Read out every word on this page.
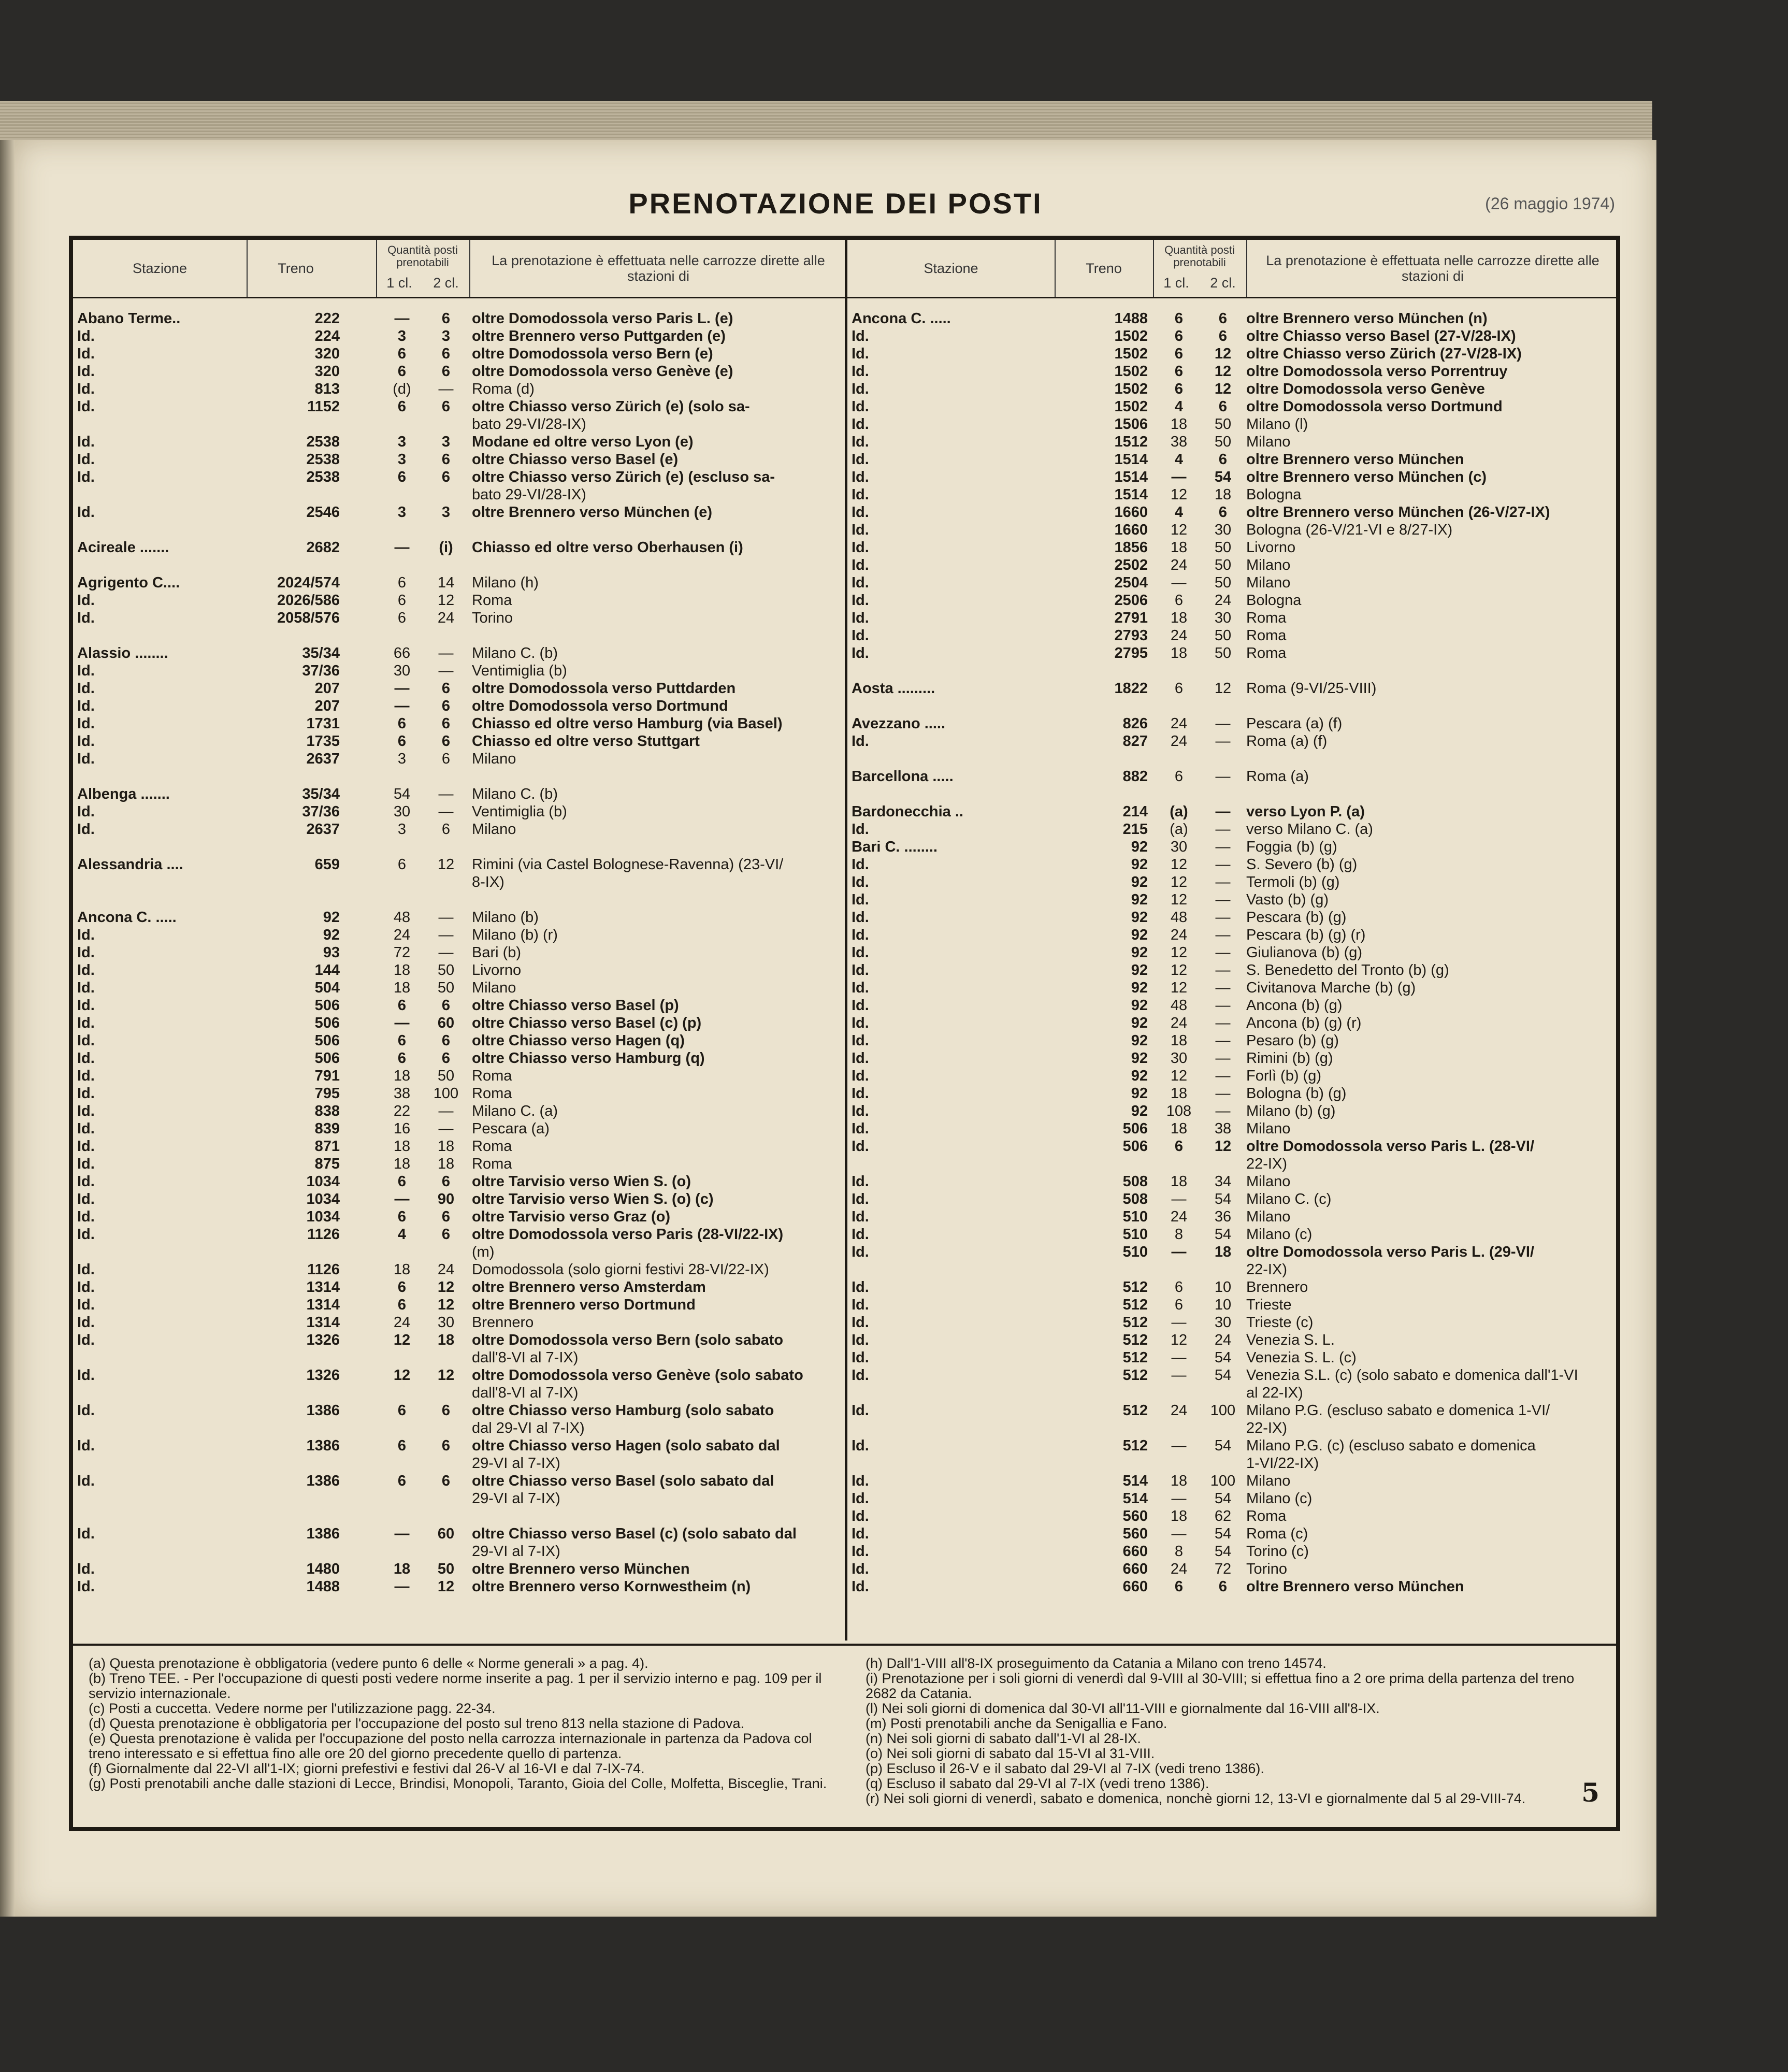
PRENOTAZIONE DEI POSTI	(26 maggio 1974)
Stazione	Treno
Quantità posti prenotabili
1 cl.	2 cl.
La prenotazione è effettuata nelle carrozze dirette alle stazioni di
Abano Terme..	222	—	6	oltre Domodossola verso Paris L. (e)
Id.	224	3	3	oltre Brennero verso Puttgarden (e)
Id.	320	6	6	oltre Domodossola verso Bern (e)
Id.	320	6	6	oltre Domodossola verso Genève (e)
Id.	813	(d)	—	Roma (d)
Id.	1152	6	6	oltre Chiasso verso Zürich (e) (solo sa-
bato 29-VI/28-IX)
Id.	2538	3	3	Modane ed oltre verso Lyon (e)
Id.	2538	3	6	oltre Chiasso verso Basel (e)
Id.	2538	6	6	oltre Chiasso verso Zürich (e) (escluso sa-
bato 29-VI/28-IX)
Id.	2546	3	3	oltre Brennero verso München (e)
Acireale .......	2682	—	(i)	Chiasso ed oltre verso Oberhausen (i)
Agrigento C....	2024/574	6	14	Milano (h)
Id.	2026/586	6	12	Roma
Id.	2058/576	6	24	Torino
Alassio ........	35/34	66	—	Milano C. (b)
Id.	37/36	30	—	Ventimiglia (b)
Id.	207	—	6	oltre Domodossola verso Puttdarden
Id.	207	—	6	oltre Domodossola verso Dortmund
Id.	1731	6	6	Chiasso ed oltre verso Hamburg (via Basel)
Id.	1735	6	6	Chiasso ed oltre verso Stuttgart
Id.	2637	3	6	Milano
Albenga .......	35/34	54	—	Milano C. (b)
Id.	37/36	30	—	Ventimiglia (b)
Id.	2637	3	6	Milano
Alessandria ....	659	6	12	Rimini (via Castel Bolognese-Ravenna) (23-VI/
8-IX)
Ancona C. .....	92	48	—	Milano (b)
Id.	92	24	—	Milano (b) (r)
Id.	93	72	—	Bari (b)
Id.	144	18	50	Livorno
Id.	504	18	50	Milano
Id.	506	6	6	oltre Chiasso verso Basel (p)
Id.	506	—	60	oltre Chiasso verso Basel (c) (p)
Id.	506	6	6	oltre Chiasso verso Hagen (q)
Id.	506	6	6	oltre Chiasso verso Hamburg (q)
Id.	791	18	50	Roma
Id.	795	38	100 Roma
Id.	838	22	—	Milano C. (a)
Id.	839	16	—	Pescara (a)
Id.	871	18	18	Roma
Id.	875	18	18	Roma
Id.	1034	6	6	oltre Tarvisio verso Wien S. (o)
Id.	1034	—	90	oltre Tarvisio verso Wien S. (o) (c)
Id.	1034	6	6	oltre Tarvisio verso Graz (o)
Id.	1126	4	6	oltre Domodossola verso Paris (28-VI/22-IX)
(m)
Id.	1126	18	24	Domodossola (solo giorni festivi 28-VI/22-IX)
Id.	1314	6	12	oltre Brennero verso Amsterdam
Id.	1314	6	12	oltre Brennero verso Dortmund
Id.	1314	24	30	Brennero
Id.	1326	12	18	oltre Domodossola verso Bern (solo sabato
dall'8-VI al 7-IX)
Id.	1326	12	12	oltre Domodossola verso Genève (solo sabato
dall'8-VI al 7-IX)
Id.	1386	6	6	oltre Chiasso verso Hamburg (solo sabato
dal 29-VI al 7-IX)
Id.	1386	6	6	oltre Chiasso verso Hagen (solo sabato dal
29-VI al 7-IX)
Id.	1386	6	6	oltre Chiasso verso Basel (solo sabato dal
29-VI al 7-IX)
Id.	1386	—	60	oltre Chiasso verso Basel (c) (solo sabato dal
29-VI al 7-IX)
Id.	1480	18	50	oltre Brennero verso München
Id.	1488	—	12	oltre Brennero verso Kornwestheim (n)
Stazione	Treno
Quantità posti prenotabili
1 cl.	2 cl.
La prenotazione è effettuata nelle carrozze dirette alle stazioni di
Ancona C. .....	1488	6	6	oltre Brennero verso München (n)
Id.	1502	6	6	oltre Chiasso verso Basel (27-V/28-IX)
Id.	1502	6	12 oltre Chiasso verso Zürich (27-V/28-IX)
Id.	1502	6	12 oltre Domodossola verso Porrentruy
Id.	1502	6	12 oltre Domodossola verso Genève
Id.	1502	4	6	oltre Domodossola verso Dortmund
Id.	1506	18	50 Milano (l)
Id.	1512	38	50 Milano
Id.	1514	4	6	oltre Brennero verso München
Id.	1514	—	54 oltre Brennero verso München (c)
Id.	1514	12	18 Bologna
Id.	1660	4	6	oltre Brennero verso München (26-V/27-IX)
Id.	1660	12	30 Bologna (26-V/21-VI e 8/27-IX)
Id.	1856	18	50 Livorno
Id.	2502	24	50 Milano
Id.	2504	—	50 Milano
Id.	2506	6	24 Bologna
Id.	2791	18	30 Roma
Id.	2793	24	50 Roma
Id.	2795	18	50 Roma
Aosta .........	1822	6	12 Roma (9-VI/25-VIII)
Avezzano .....	826	24	—	Pescara (a) (f)
Id.	827	24	—	Roma (a) (f)
Barcellona .....	882	6	—	Roma (a)
Bardonecchia ..	214	(a)	—	verso Lyon P. (a)
Id.	215	(a)	—	verso Milano C. (a)
Bari C. ........	92	30	—	Foggia (b) (g)
Id.	92	12	—	S. Severo (b) (g)
Id.	92	12	—	Termoli (b) (g)
Id.	92	12	—	Vasto (b) (g)
Id.	92	48	—	Pescara (b) (g)
Id.	92	24	—	Pescara (b) (g) (r)
Id.	92	12	—	Giulianova (b) (g)
Id.	92	12	—	S. Benedetto del Tronto (b) (g)
Id.	92	12	—	Civitanova Marche (b) (g)
Id.	92	48	—	Ancona (b) (g)
Id.	92	24	—	Ancona (b) (g) (r)
Id.	92	18	—	Pesaro (b) (g)
Id.	92	30	—	Rimini (b) (g)
Id.	92	12	—	Forlì (b) (g)
Id.	92	18	—	Bologna (b) (g)
Id.	92	108	—	Milano (b) (g)
Id.	506	18	38 Milano
Id.	506	6	12 oltre Domodossola verso Paris L. (28-VI/
22-IX)
Id.	508	18	34 Milano
Id.	508	—	54 Milano C. (c)
Id.	510	24	36 Milano
Id.	510	8	54 Milano (c)
Id.	510	—	18 oltre Domodossola verso Paris L. (29-VI/
22-IX)
Id.	512	6	10 Brennero
Id.	512	6	10 Trieste
Id.	512	—	30 Trieste (c)
Id.	512	12	24 Venezia S. L.
Id.	512	—	54 Venezia S. L. (c)
Id.	512	—	54 Venezia S.L. (c) (solo sabato e domenica dall'1-VI
al 22-IX)
Id.	512	24	100 Milano P.G. (escluso sabato e domenica 1-VI/
22-IX)
Id.	512	—	54 Milano P.G. (c) (escluso sabato e domenica
1-VI/22-IX)
Id.	514	18	100 Milano
Id.	514	—	54 Milano (c)
Id.	560	18	62 Roma
Id.	560	—	54 Roma (c)
Id.	660	8	54 Torino (c)
Id.	660	24	72 Torino
Id.	660	6	6	oltre Brennero verso München

(a) Questa prenotazione è obbligatoria (vedere punto 6 delle « Norme generali » a pag. 4).

(b) Treno TEE. - Per l'occupazione di questi posti vedere norme inserite a pag. 1 per il servizio interno e pag. 109 per il servizio internazionale.

(c) Posti a cuccetta. Vedere norme per l'utilizzazione pagg. 22-34.

(d) Questa prenotazione è obbligatoria per l'occupazione del posto sul treno 813 nella stazione di Padova.

(e) Questa prenotazione è valida per l'occupazione del posto nella carrozza internazionale in partenza da Padova col treno interessato e si effettua fino alle ore 20 del giorno precedente quello di partenza.

(f) Giornalmente dal 22-VI all'1-IX; giorni prefestivi e festivi dal 26-V al 16-VI e dal 7-IX-74.

(g) Posti prenotabili anche dalle stazioni di Lecce, Brindisi, Monopoli, Taranto, Gioia del Colle, Molfetta, Bisceglie, Trani.

(h) Dall'1-VIII all'8-IX proseguimento da Catania a Milano con treno 14574.

(i) Prenotazione per i soli giorni di venerdì dal 9-VIII al 30-VIII; si effettua fino a 2 ore prima della partenza del treno 2682 da Catania.

(l) Nei soli giorni di domenica dal 30-VI all'11-VIII e giornalmente dal 16-VIII all'8-IX.

(m) Posti prenotabili anche da Senigallia e Fano.

(n) Nei soli giorni di sabato dall'1-VI al 28-IX.

(o) Nei soli giorni di sabato dal 15-VI al 31-VIII.

(p) Escluso il 26-V e il sabato dal 29-VI al 7-IX (vedi treno 1386).

(q) Escluso il sabato dal 29-VI al 7-IX (vedi treno 1386).

(r) Nei soli giorni di venerdì, sabato e domenica, nonchè giorni 12, 13-VI e giornalmente dal 5 al 29-VIII-74.	5
